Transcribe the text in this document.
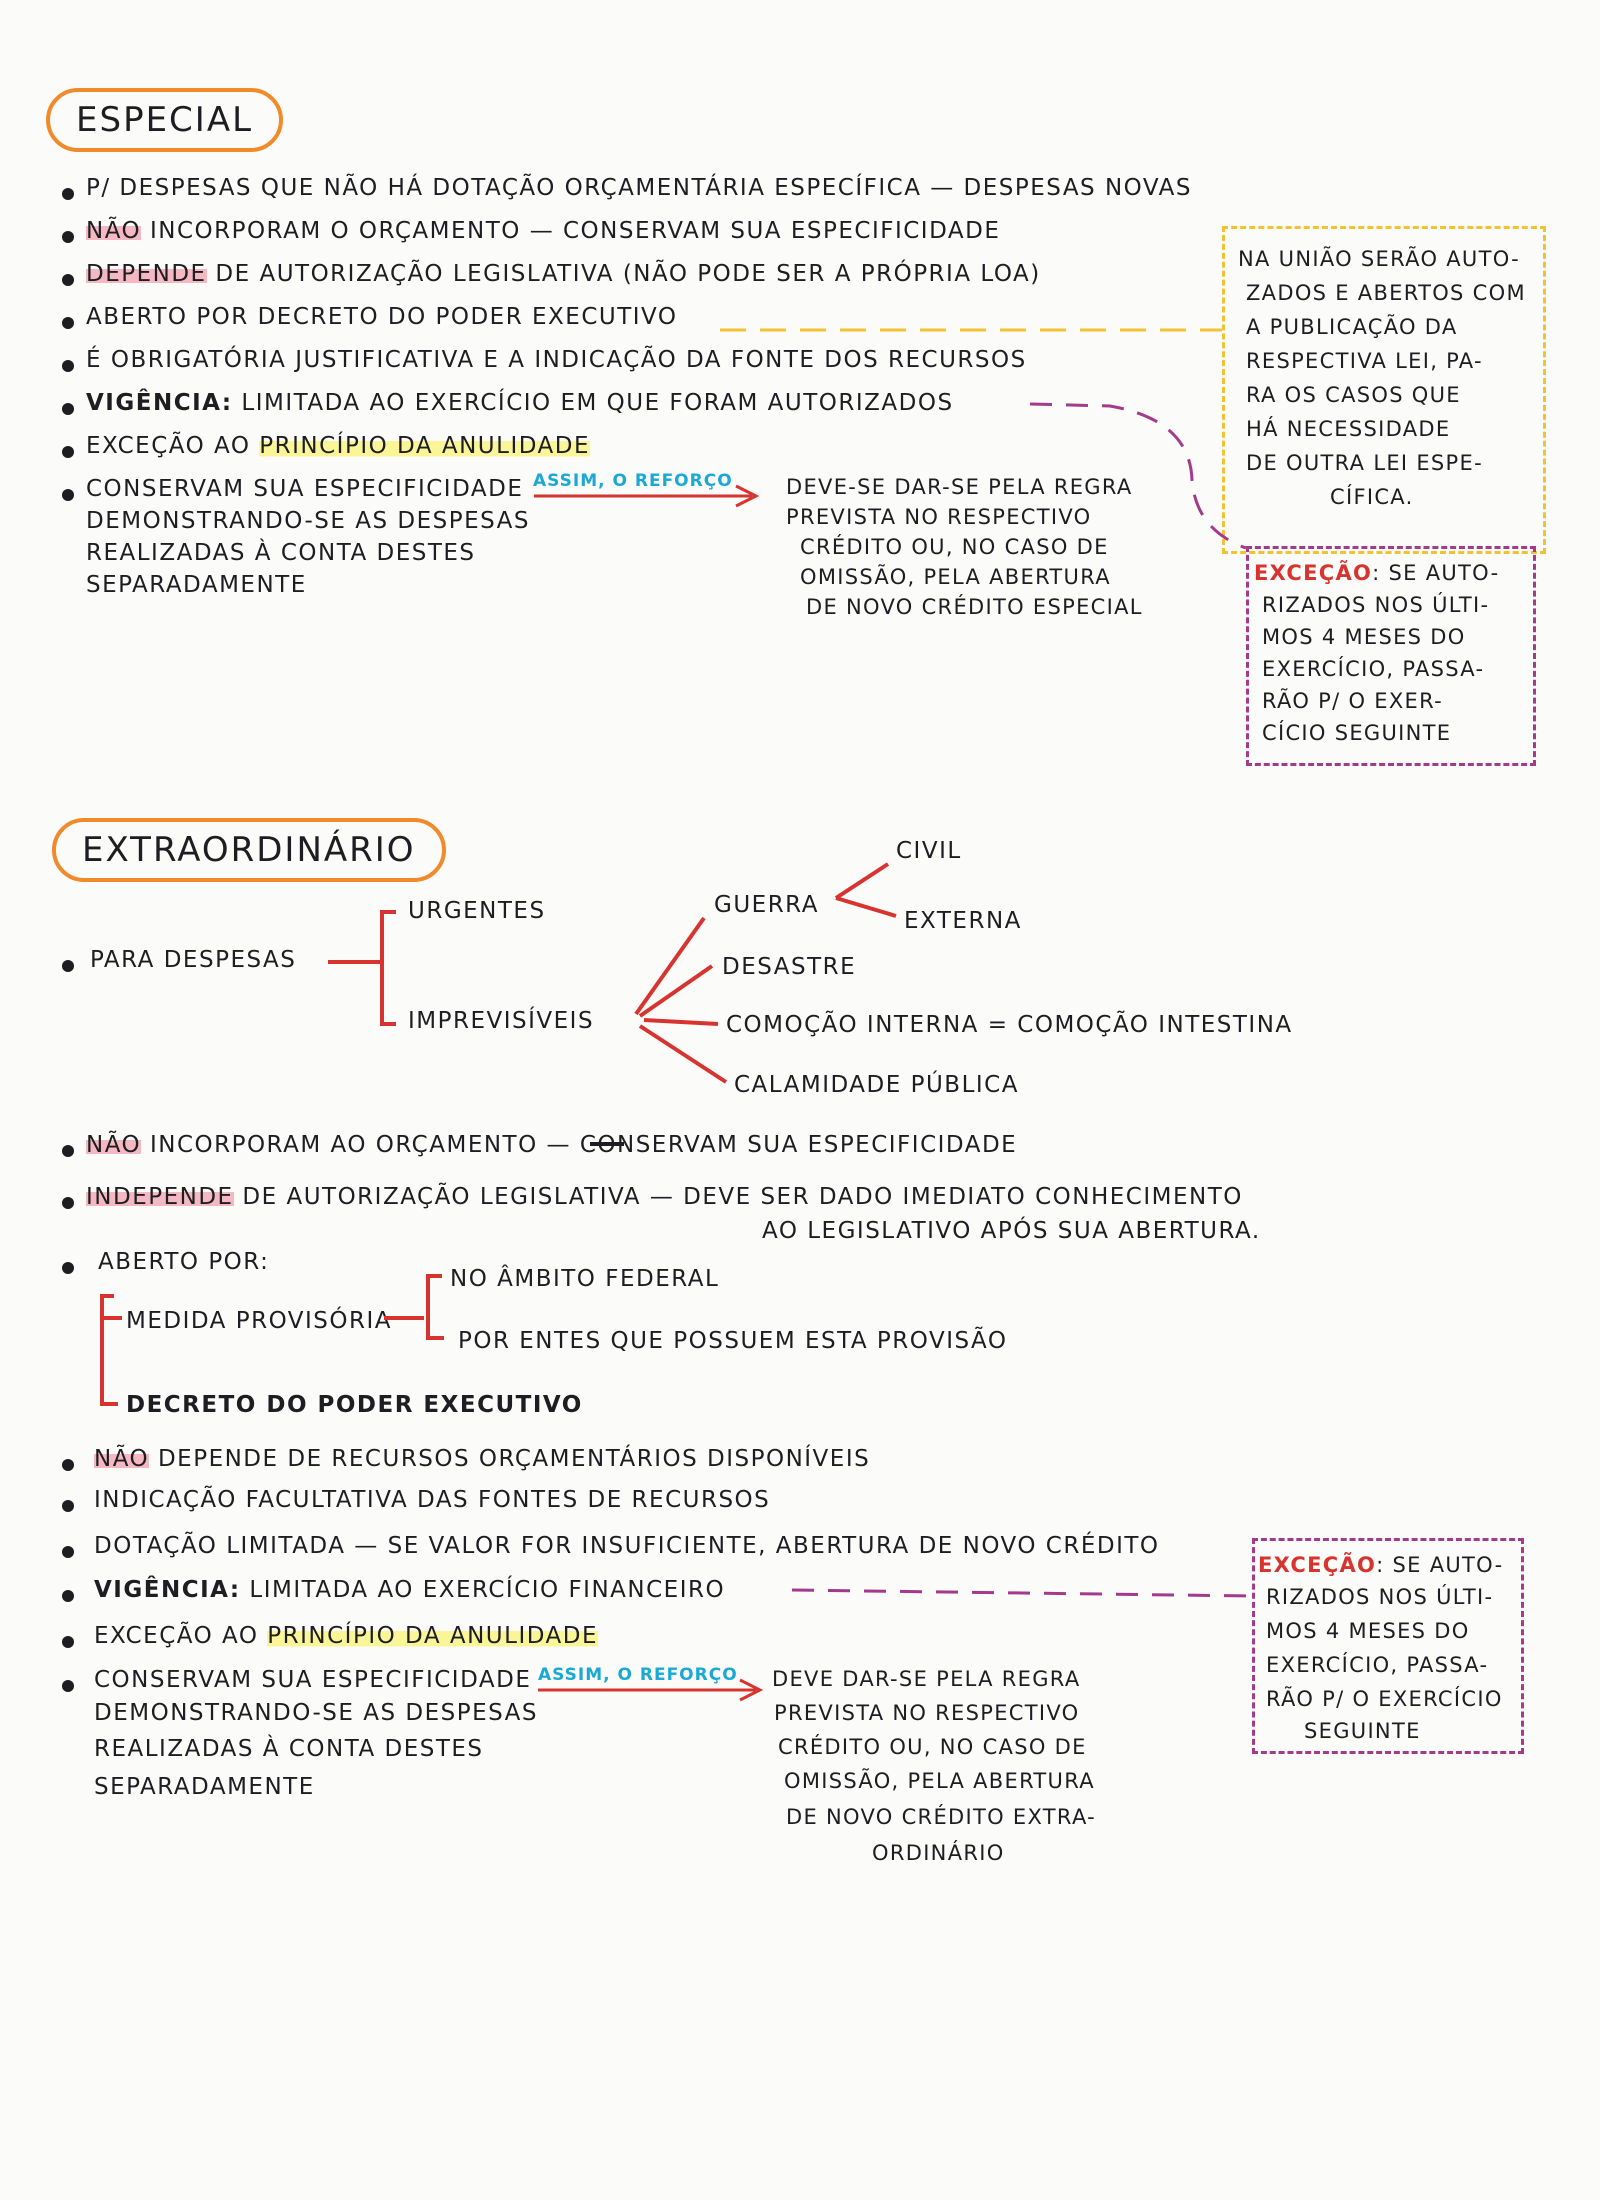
ESPECIAL
P/ DESPESAS QUE NÃO HÁ DOTAÇÃO ORÇAMENTÁRIA ESPECÍFICA — DESPESAS NOVAS
NÃO INCORPORAM O ORÇAMENTO — CONSERVAM SUA ESPECIFICIDADE
DEPENDE DE AUTORIZAÇÃO LEGISLATIVA (NÃO PODE SER A PRÓPRIA LOA)
ABERTO POR DECRETO DO PODER EXECUTIVO
É OBRIGATÓRIA JUSTIFICATIVA E A INDICAÇÃO DA FONTE DOS RECURSOS
VIGÊNCIA: LIMITADA AO EXERCÍCIO EM QUE FORAM AUTORIZADOS
EXCEÇÃO AO PRINCÍPIO DA ANULIDADE
CONSERVAM SUA ESPECIFICIDADE
DEMONSTRANDO-SE AS DESPESAS
REALIZADAS À CONTA DESTES
SEPARADAMENTE
ASSIM, O REFORÇO	DEVE-SE DAR-SE PELA REGRA
PREVISTA NO RESPECTIVO
CRÉDITO OU, NO CASO DE
OMISSÃO, PELA ABERTURA
DE NOVO CRÉDITO ESPECIAL
NA UNIÃO SERÃO AUTO-
ZADOS E ABERTOS COM
A PUBLICAÇÃO DA
RESPECTIVA LEI, PA-
RA OS CASOS QUE
HÁ NECESSIDADE
DE OUTRA LEI ESPE-
CÍFICA.
EXCEÇÃO: SE AUTO-
RIZADOS NOS ÚLTI-
MOS 4 MESES DO
EXERCÍCIO, PASSA-
RÃO P/ O EXER-
CÍCIO SEGUINTE
EXTRAORDINÁRIO
PARA DESPESAS
URGENTES
IMPREVISÍVEIS
GUERRA
CIVIL
EXTERNA
DESASTRE
COMOÇÃO INTERNA = COMOÇÃO INTESTINA
CALAMIDADE PÚBLICA
NÃO INCORPORAM AO ORÇAMENTO — CONSERVAM SUA ESPECIFICIDADE
INDEPENDE DE AUTORIZAÇÃO LEGISLATIVA — DEVE SER DADO IMEDIATO CONHECIMENTO
AO LEGISLATIVO APÓS SUA ABERTURA.
ABERTO POR:
MEDIDA PROVISÓRIA
NO ÂMBITO FEDERAL
POR ENTES QUE POSSUEM ESTA PROVISÃO
DECRETO DO PODER EXECUTIVO
NÃO DEPENDE DE RECURSOS ORÇAMENTÁRIOS DISPONÍVEIS
INDICAÇÃO FACULTATIVA DAS FONTES DE RECURSOS
DOTAÇÃO LIMITADA — SE VALOR FOR INSUFICIENTE, ABERTURA DE NOVO CRÉDITO
VIGÊNCIA: LIMITADA AO EXERCÍCIO FINANCEIRO
EXCEÇÃO AO PRINCÍPIO DA ANULIDADE
CONSERVAM SUA ESPECIFICIDADE
DEMONSTRANDO-SE AS DESPESAS
REALIZADAS À CONTA DESTES
SEPARADAMENTE
ASSIM, O REFORÇO DEVE DAR-SE PELA REGRA
PREVISTA NO RESPECTIVO
CRÉDITO OU, NO CASO DE
OMISSÃO, PELA ABERTURA
DE NOVO CRÉDITO EXTRA-
ORDINÁRIO
EXCEÇÃO: SE AUTO-
RIZADOS NOS ÚLTI-
MOS 4 MESES DO
EXERCÍCIO, PASSA-
RÃO P/ O EXERCÍCIO
SEGUINTE
